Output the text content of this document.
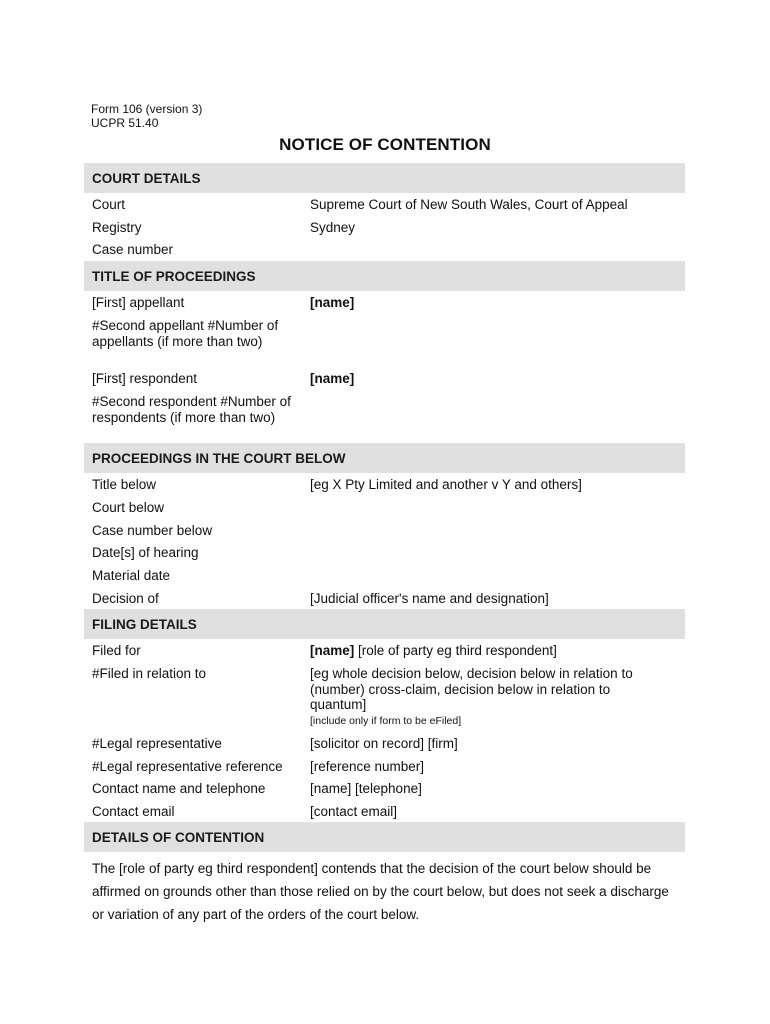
Form 106 (version 3)
UCPR 51.40
NOTICE OF CONTENTION
COURT DETAILS
Court	Supreme Court of New South Wales, Court of Appeal
Registry	Sydney
Case number
TITLE OF PROCEEDINGS
[First] appellant	[name]
#Second appellant #Number of appellants (if more than two)
[First] respondent	[name]
#Second respondent #Number of respondents (if more than two)
PROCEEDINGS IN THE COURT BELOW
Title below	[eg X Pty Limited and another v Y and others]
Court below
Case number below
Date[s] of hearing
Material date
Decision of	[Judicial officer's name and designation]
FILING DETAILS
Filed for	[name] [role of party eg third respondent]
#Filed in relation to	[eg whole decision below, decision below in relation to (number) cross-claim, decision below in relation to quantum]
[include only if form to be eFiled]
#Legal representative	[solicitor on record] [firm]
#Legal representative reference	[reference number]
Contact name and telephone	[name] [telephone]
Contact email	[contact email]
DETAILS OF CONTENTION
The [role of party eg third respondent] contends that the decision of the court below should be affirmed on grounds other than those relied on by the court below, but does not seek a discharge or variation of any part of the orders of the court below.
